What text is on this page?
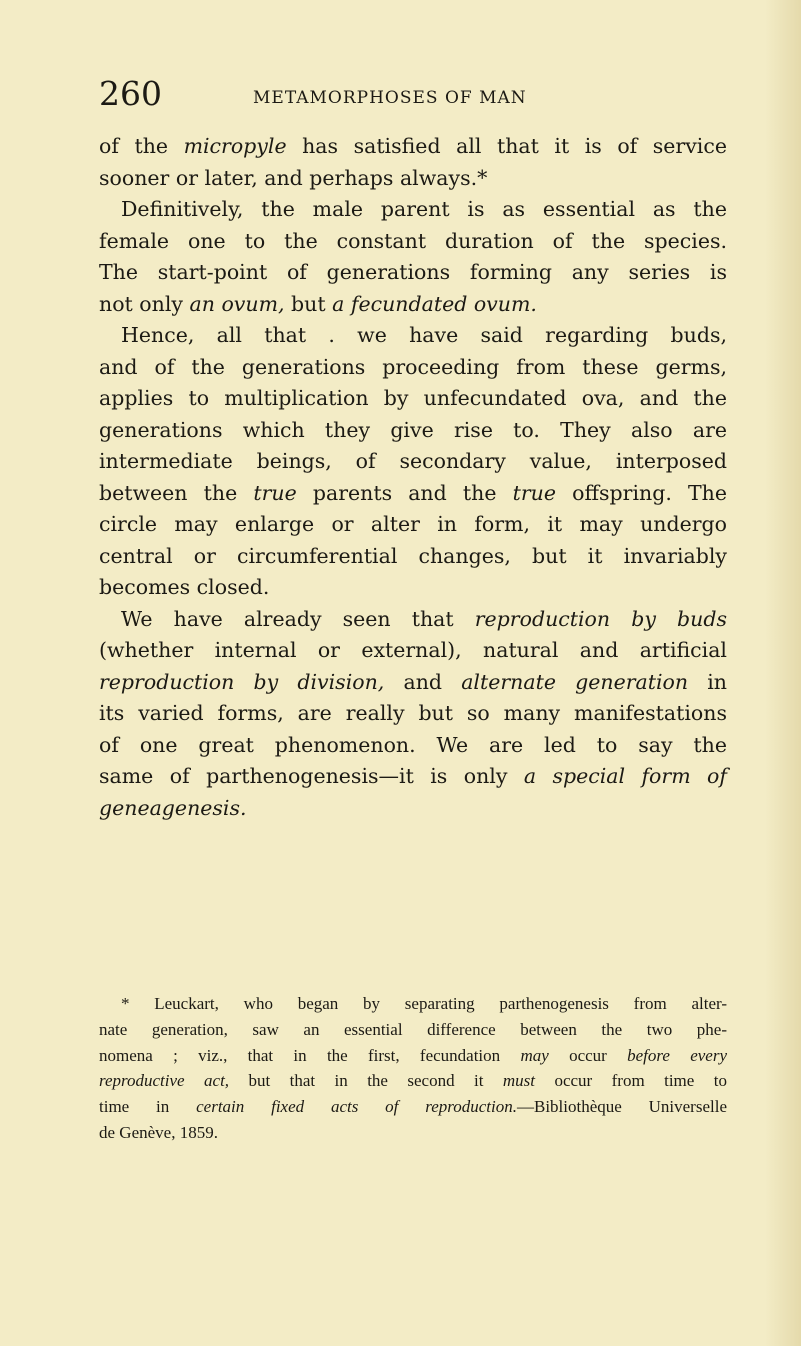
260	METAMORPHOSES OF MAN
of the micropyle has satisfied all that it is of service
sooner or later, and perhaps always.*
Definitively, the male parent is as essential as the
female one to the constant duration of the species.
The start-point of generations forming any series is
not only an ovum, but a fecundated ovum.
Hence, all that . we have said regarding buds,
and of the generations proceeding from these germs,
applies to multiplication by unfecundated ova, and the
generations which they give rise to. They also are
intermediate beings, of secondary value, interposed
between the true parents and the true offspring. The
circle may enlarge or alter in form, it may undergo
central or circumferential changes, but it invariably
becomes closed.
We have already seen that reproduction by buds
(whether internal or external), natural and artificial
reproduction by division, and alternate generation in
its varied forms, are really but so many manifestations
of one great phenomenon. We are led to say the
same of parthenogenesis—it is only a special form of
geneagenesis.
* Leuckart, who began by separating parthenogenesis from alter-
nate generation, saw an essential difference between the two phe-
nomena ; viz., that in the first, fecundation may occur before every
reproductive act, but that in the second it must occur from time to
time in certain fixed acts of reproduction.—Bibliothèque Universelle
de Genève, 1859.
